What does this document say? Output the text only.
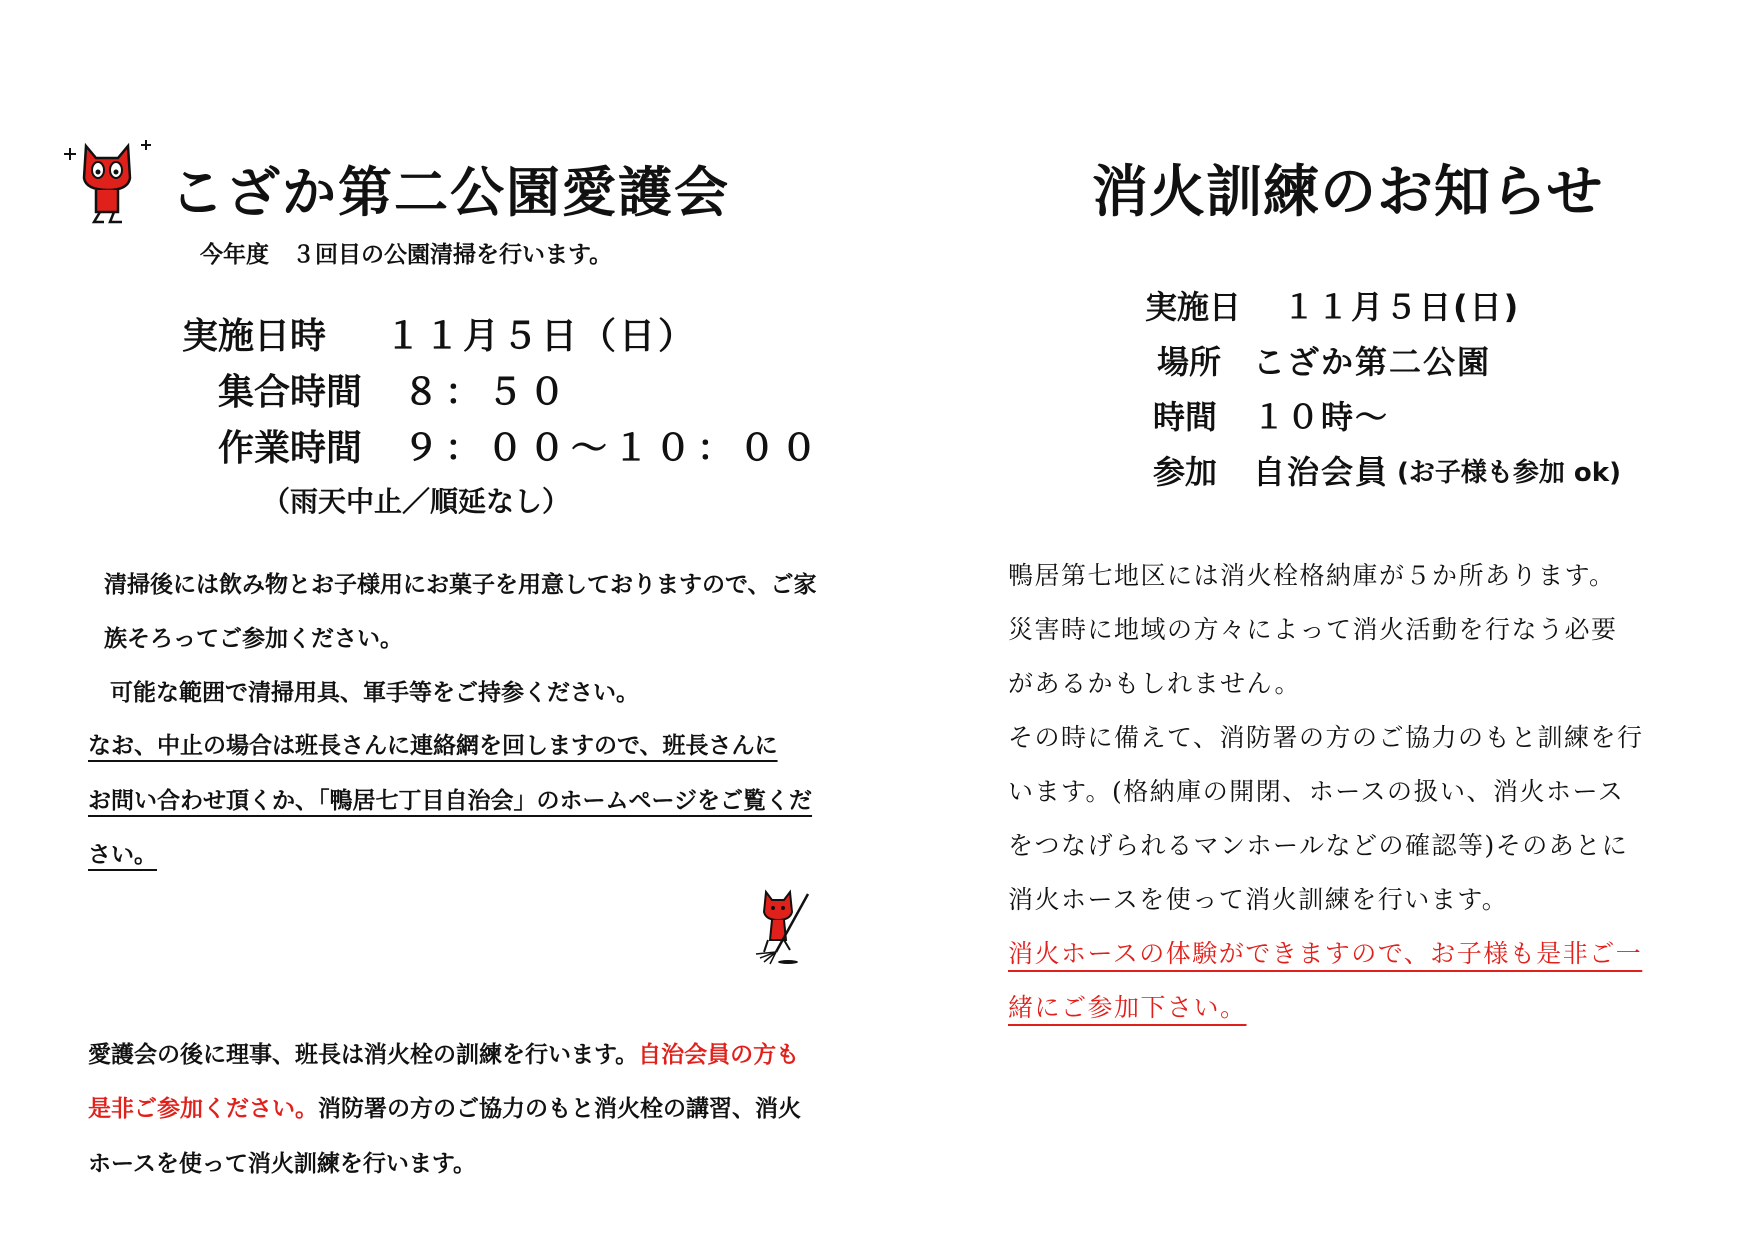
こざか第二公園愛護会
今年度　３回目の公園清掃を行います。
実施日時 １１月５日（日）
集合時間 ８：５０
作業時間 ９：００～１０：００
（雨天中止／順延なし）
清掃後には飲み物とお子様用にお菓子を用意しておりますので、ご家
族そろってご参加ください。
可能な範囲で清掃用具、軍手等をご持参ください。
なお、中止の場合は班長さんに連絡網を回しますので、班長さんに
お問い合わせ頂くか、「鴨居七丁目自治会」のホームページをご覧くだ
さい。
愛護会の後に理事、班長は消火栓の訓練を行います。自治会員の方も
是非ご参加ください。消防署の方のご協力のもと消火栓の講習、消火
ホースを使って消火訓練を行います。
消火訓練のお知らせ
実施日 １１月５日(日)
場所 こざか第二公園
時間 １０時～
参加 自治会員 (お子様も参加 ok)
鴨居第七地区には消火栓格納庫が５か所あります。
災害時に地域の方々によって消火活動を行なう必要
があるかもしれません。
その時に備えて、消防署の方のご協力のもと訓練を行
います。(格納庫の開閉、ホースの扱い、消火ホース
をつなげられるマンホールなどの確認等)そのあとに
消火ホースを使って消火訓練を行います。
消火ホースの体験ができますので、お子様も是非ご一
緒にご参加下さい。
